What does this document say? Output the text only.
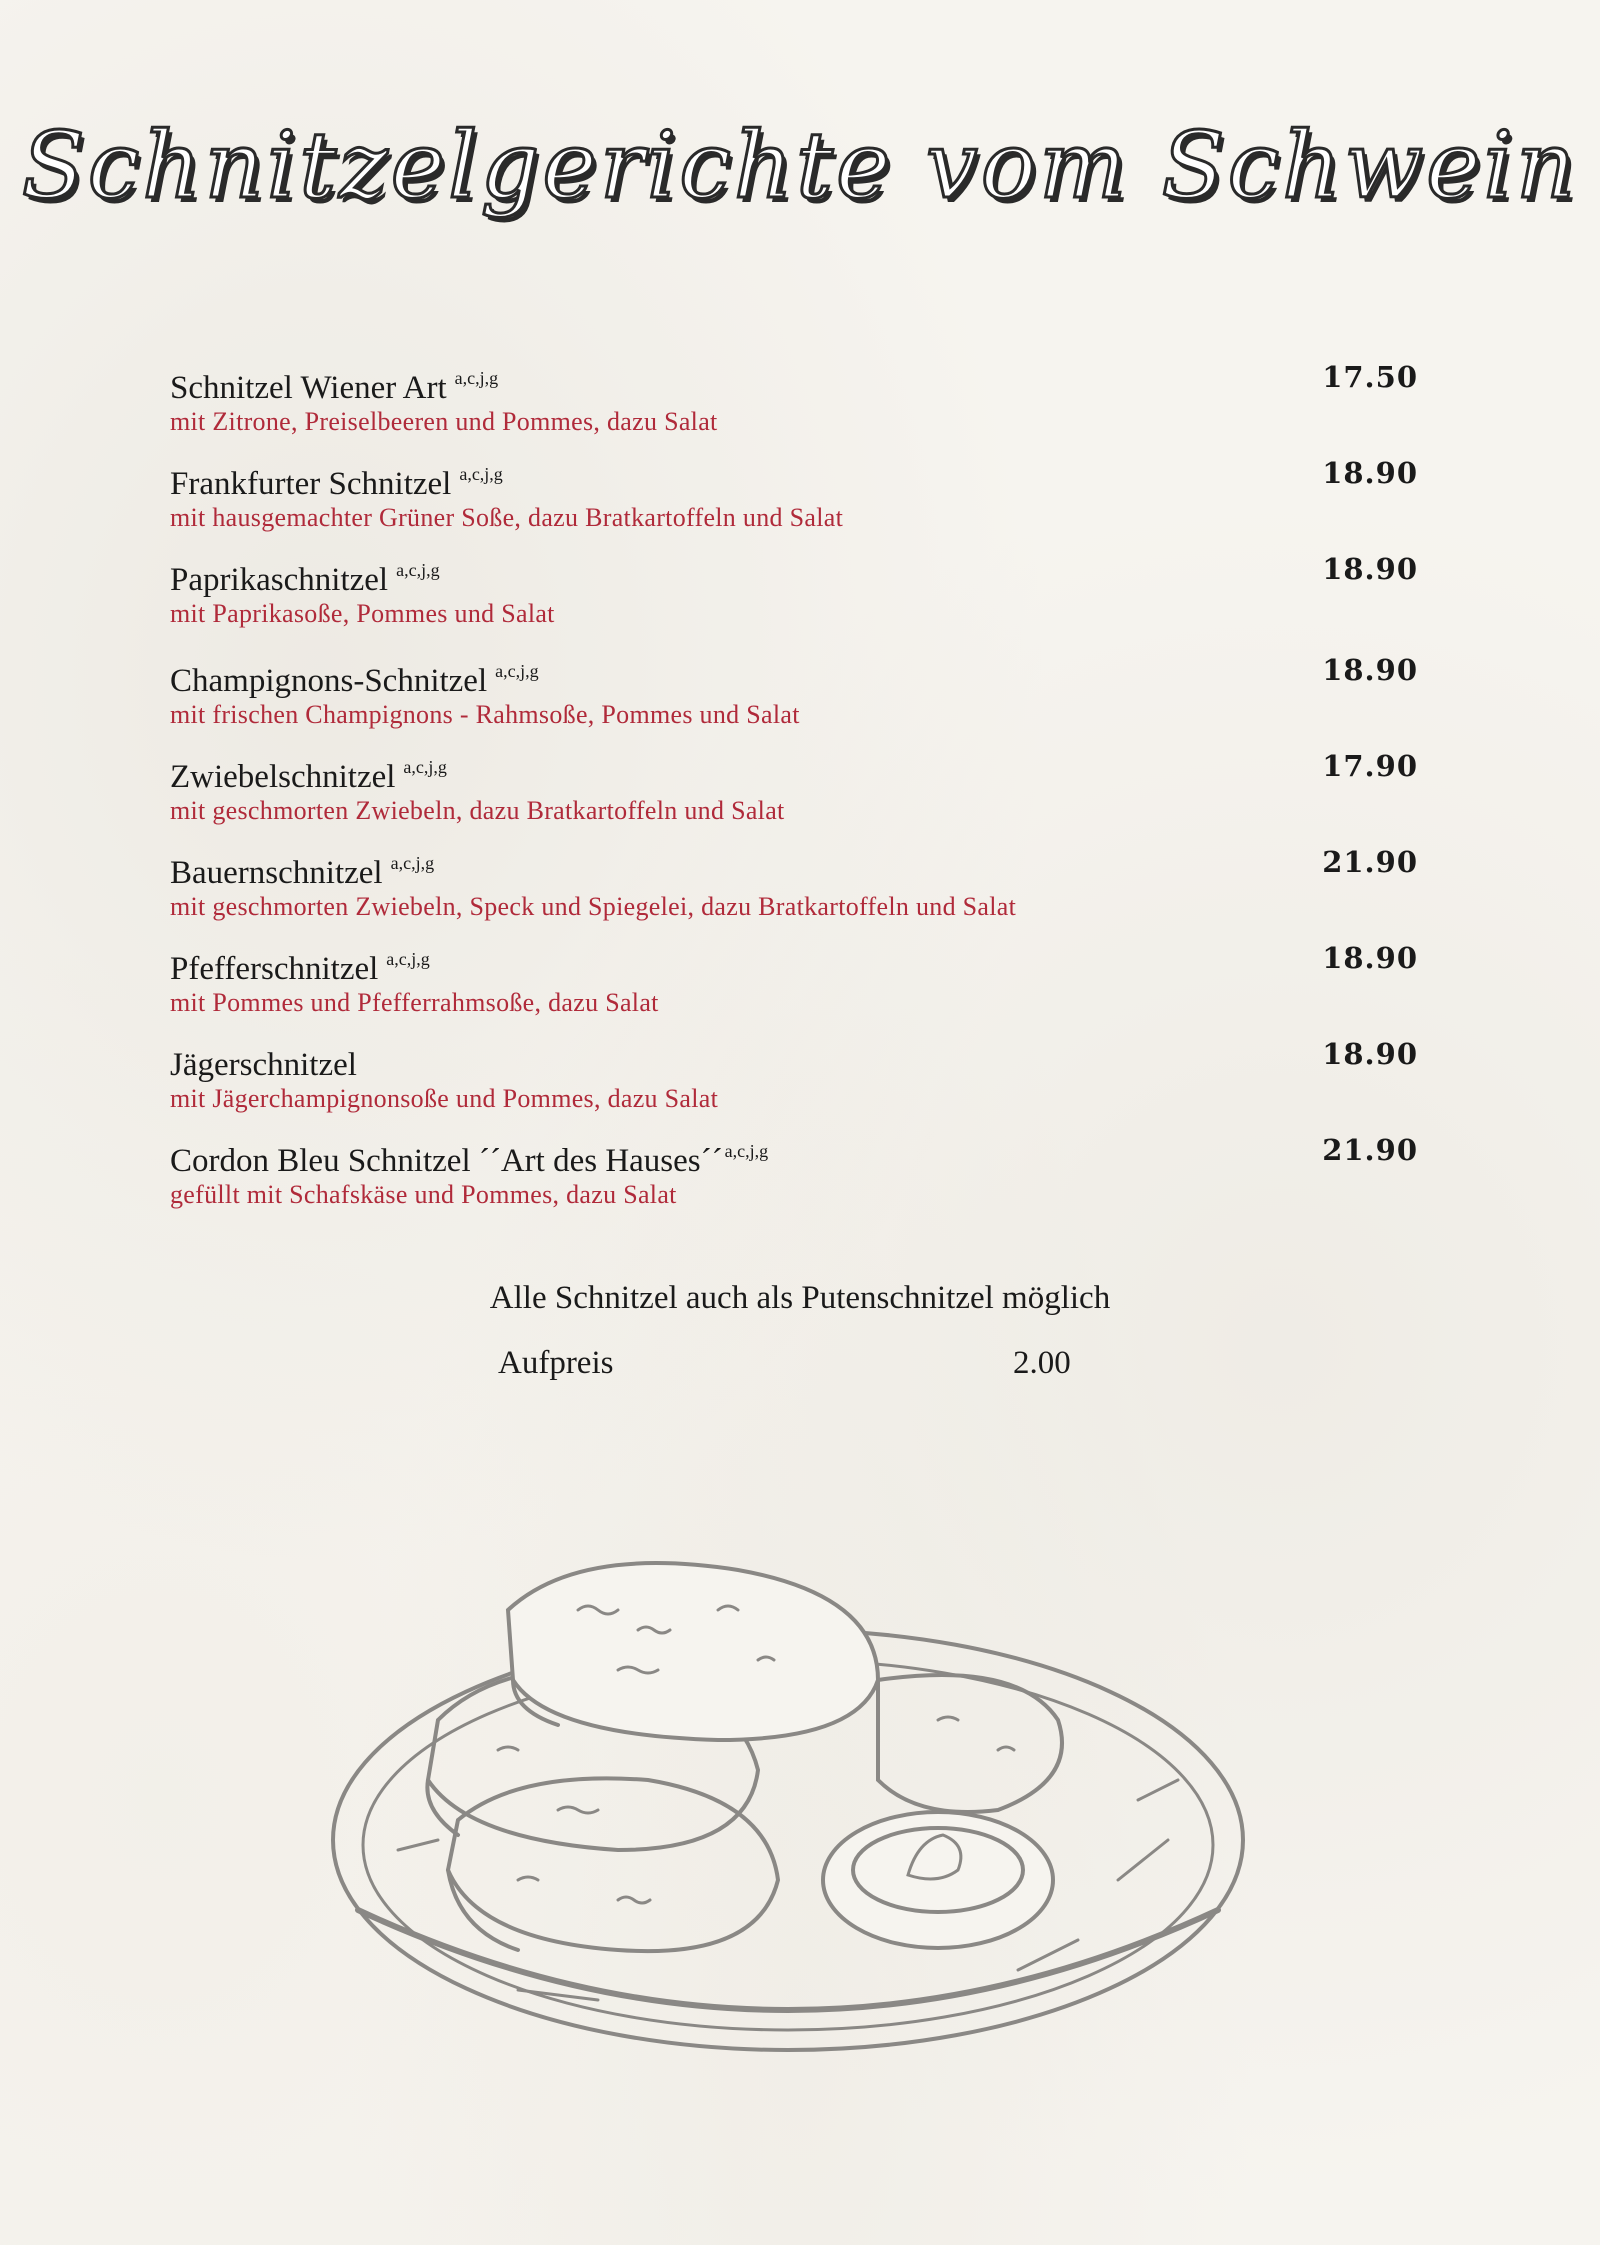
Schnitzelgerichte vom Schwein
Schnitzel Wiener Art $^{a,c,j,g}$
mit Zitrone, Preiselbeeren und Pommes, dazu Salat
17.50
Frankfurter Schnitzel $^{a,c,j,g}$
mit hausgemachter Grüner Soße, dazu Bratkartoffeln und Salat
18.90
Paprikaschnitzel $^{a,c,j,g}$
mit Paprikasoße, Pommes und Salat
18.90
Champignons-Schnitzel $^{a,c,j,g}$
mit frischen Champignons - Rahmsoße, Pommes und Salat
18.90
Zwiebelschnitzel $^{a,c,j,g}$
mit geschmorten Zwiebeln, dazu Bratkartoffeln und Salat
17.90
Bauernschnitzel $^{a,c,j,g}$
mit geschmorten Zwiebeln, Speck und Spiegelei, dazu Bratkartoffeln und Salat
21.90
Pfefferschnitzel $^{a,c,j,g}$
mit Pommes und Pfefferrahmsoße, dazu Salat
18.90
Jägerschnitzel
mit Jägerchampignonsoße und Pommes, dazu Salat
18.90
Cordon Bleu Schnitzel ´´Art des Hauses´´ $^{a,c,j,g}$
gefüllt mit Schafskäse und Pommes, dazu Salat
21.90
Alle Schnitzel auch als Putenschnitzel möglich
Aufpreis	2.00
